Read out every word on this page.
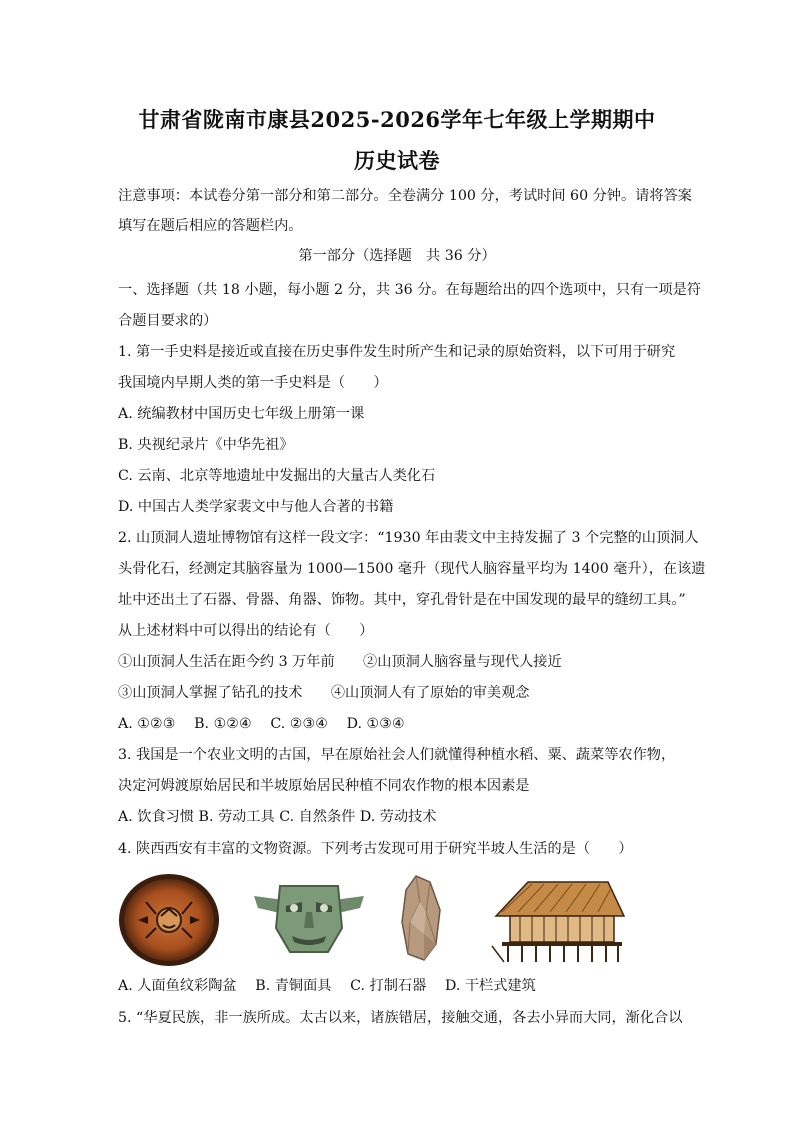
甘肃省陇南市康县2025-2026学年七年级上学期期中
历史试卷
注意事项：本试卷分第一部分和第二部分。全卷满分 100 分，考试时间 60 分钟。请将答案
填写在题后相应的答题栏内。
第一部分（选择题　共 36 分）
一、选择题（共 18 小题，每小题 2 分，共 36 分。在每题给出的四个选项中，只有一项是符
合题目要求的）
1. 第一手史料是接近或直接在历史事件发生时所产生和记录的原始资料，以下可用于研究
我国境内早期人类的第一手史料是（　　）
A. 统编教材中国历史七年级上册第一课
B. 央视纪录片《中华先祖》
C. 云南、北京等地遗址中发掘出的大量古人类化石
D. 中国古人类学家裴文中与他人合著的书籍
2. 山顶洞人遗址博物馆有这样一段文字：“1930 年由裴文中主持发掘了 3 个完整的山顶洞人
头骨化石，经测定其脑容量为 1000—1500 毫升（现代人脑容量平均为 1400 毫升），在该遗
址中还出土了石器、骨器、角器、饰物。其中，穿孔骨针是在中国发现的最早的缝纫工具。”
从上述材料中可以得出的结论有（　　）
①山顶洞人生活在距今约 3 万年前　　②山顶洞人脑容量与现代人接近
③山顶洞人掌握了钻孔的技术　　④山顶洞人有了原始的审美观念
A. ①②③　 B. ①②④　 C. ②③④　 D. ①③④
3. 我国是一个农业文明的古国，早在原始社会人们就懂得种植水稻、粟、蔬菜等农作物，
决定河姆渡原始居民和半坡原始居民种植不同农作物的根本因素是
A. 饮食习惯 B. 劳动工具 C. 自然条件 D. 劳动技术
4. 陕西西安有丰富的文物资源。下列考古发现可用于研究半坡人生活的是（　　）
A. 人面鱼纹彩陶盆　 B. 青铜面具　 C. 打制石器　 D. 干栏式建筑
5. “华夏民族，非一族所成。太古以来，诸族错居，接触交通，各去小异而大同，渐化合以
